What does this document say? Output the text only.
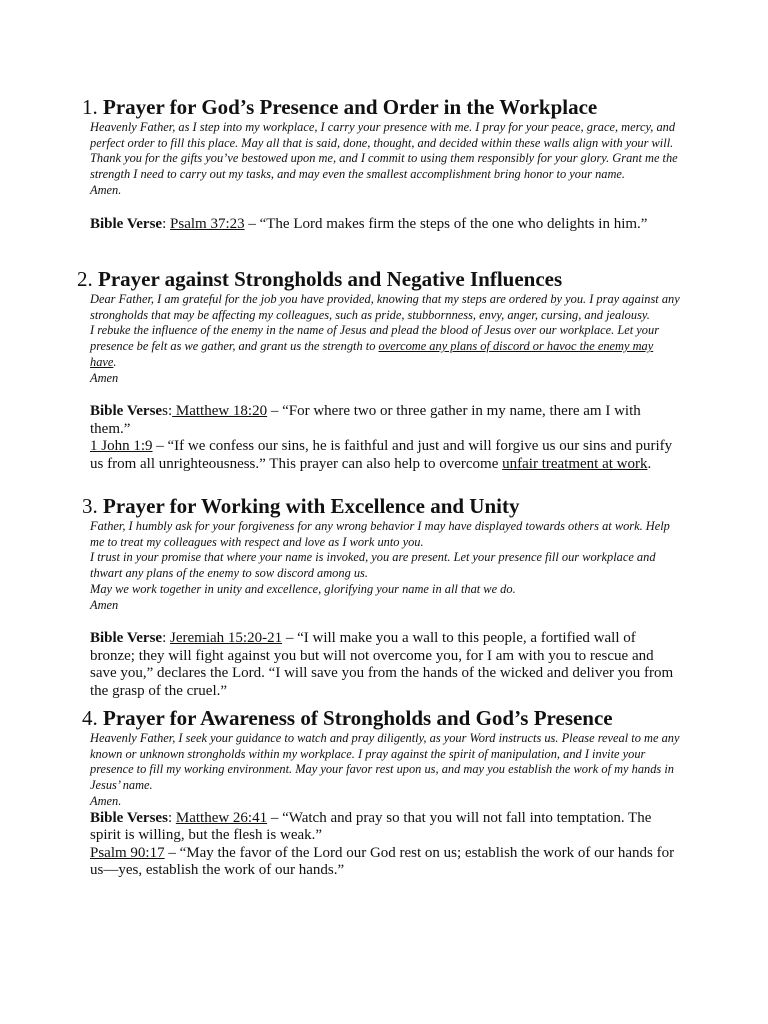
1. Prayer for God’s Presence and Order in the Workplace
Heavenly Father, as I step into my workplace, I carry your presence with me. I pray for your peace, grace, mercy, and perfect order to fill this place. May all that is said, done, thought, and decided within these walls align with your will.
Thank you for the gifts you’ve bestowed upon me, and I commit to using them responsibly for your glory. Grant me the strength I need to carry out my tasks, and may even the smallest accomplishment bring honor to your name.
Amen.

Bible Verse: Psalm 37:23 – “The Lord makes firm the steps of the one who delights in him.”

2. Prayer against Strongholds and Negative Influences
Dear Father, I am grateful for the job you have provided, knowing that my steps are ordered by you. I pray against any strongholds that may be affecting my colleagues, such as pride, stubbornness, envy, anger, cursing, and jealousy.
I rebuke the influence of the enemy in the name of Jesus and plead the blood of Jesus over our workplace. Let your presence be felt as we gather, and grant us the strength to overcome any plans of discord or havoc the enemy may have.
Amen

Bible Verses: Matthew 18:20 – “For where two or three gather in my name, there am I with them.”
1 John 1:9 – “If we confess our sins, he is faithful and just and will forgive us our sins and purify us from all unrighteousness.” This prayer can also help to overcome unfair treatment at work.

3. Prayer for Working with Excellence and Unity
Father, I humbly ask for your forgiveness for any wrong behavior I may have displayed towards others at work. Help me to treat my colleagues with respect and love as I work unto you.
I trust in your promise that where your name is invoked, you are present. Let your presence fill our workplace and thwart any plans of the enemy to sow discord among us.
May we work together in unity and excellence, glorifying your name in all that we do.
Amen

Bible Verse: Jeremiah 15:20-21 – “I will make you a wall to this people, a fortified wall of bronze; they will fight against you but will not overcome you, for I am with you to rescue and save you,” declares the Lord. “I will save you from the hands of the wicked and deliver you from the grasp of the cruel.”

4. Prayer for Awareness of Strongholds and God’s Presence
Heavenly Father, I seek your guidance to watch and pray diligently, as your Word instructs us. Please reveal to me any known or unknown strongholds within my workplace. I pray against the spirit of manipulation, and I invite your presence to fill my working environment. May your favor rest upon us, and may you establish the work of my hands in Jesus’ name.
Amen.

Bible Verses: Matthew 26:41 – “Watch and pray so that you will not fall into temptation. The spirit is willing, but the flesh is weak.”
Psalm 90:17 – “May the favor of the Lord our God rest on us; establish the work of our hands for us—yes, establish the work of our hands.”
